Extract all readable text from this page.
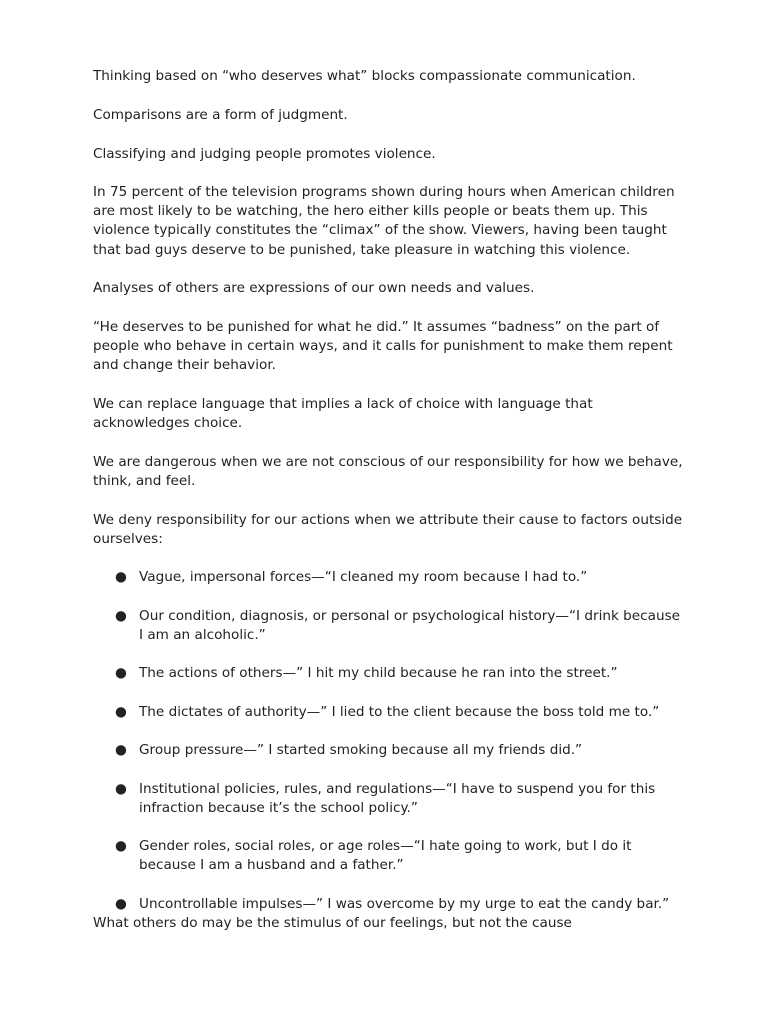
Thinking based on “who deserves what” blocks compassionate communication.

Comparisons are a form of judgment.

Classifying and judging people promotes violence.

In 75 percent of the television programs shown during hours when American children are most likely to be watching, the hero either kills people or beats them up. This violence typically constitutes the “climax” of the show. Viewers, having been taught that bad guys deserve to be punished, take pleasure in watching this violence.

Analyses of others are expressions of our own needs and values.

“He deserves to be punished for what he did.” It assumes “badness” on the part of people who behave in certain ways, and it calls for punishment to make them repent and change their behavior.

We can replace language that implies a lack of choice with language that acknowledges choice.

We are dangerous when we are not conscious of our responsibility for how we behave, think, and feel.

We deny responsibility for our actions when we attribute their cause to factors outside ourselves:

● Vague, impersonal forces—“I cleaned my room because I had to.”
● Our condition, diagnosis, or personal or psychological history—“I drink because I am an alcoholic.”
● The actions of others—” I hit my child because he ran into the street.”
● The dictates of authority—” I lied to the client because the boss told me to.”
● Group pressure—” I started smoking because all my friends did.”
● Institutional policies, rules, and regulations—“I have to suspend you for this infraction because it’s the school policy.”
● Gender roles, social roles, or age roles—“I hate going to work, but I do it because I am a husband and a father.”
● Uncontrollable impulses—” I was overcome by my urge to eat the candy bar.”

What others do may be the stimulus of our feelings, but not the cause
